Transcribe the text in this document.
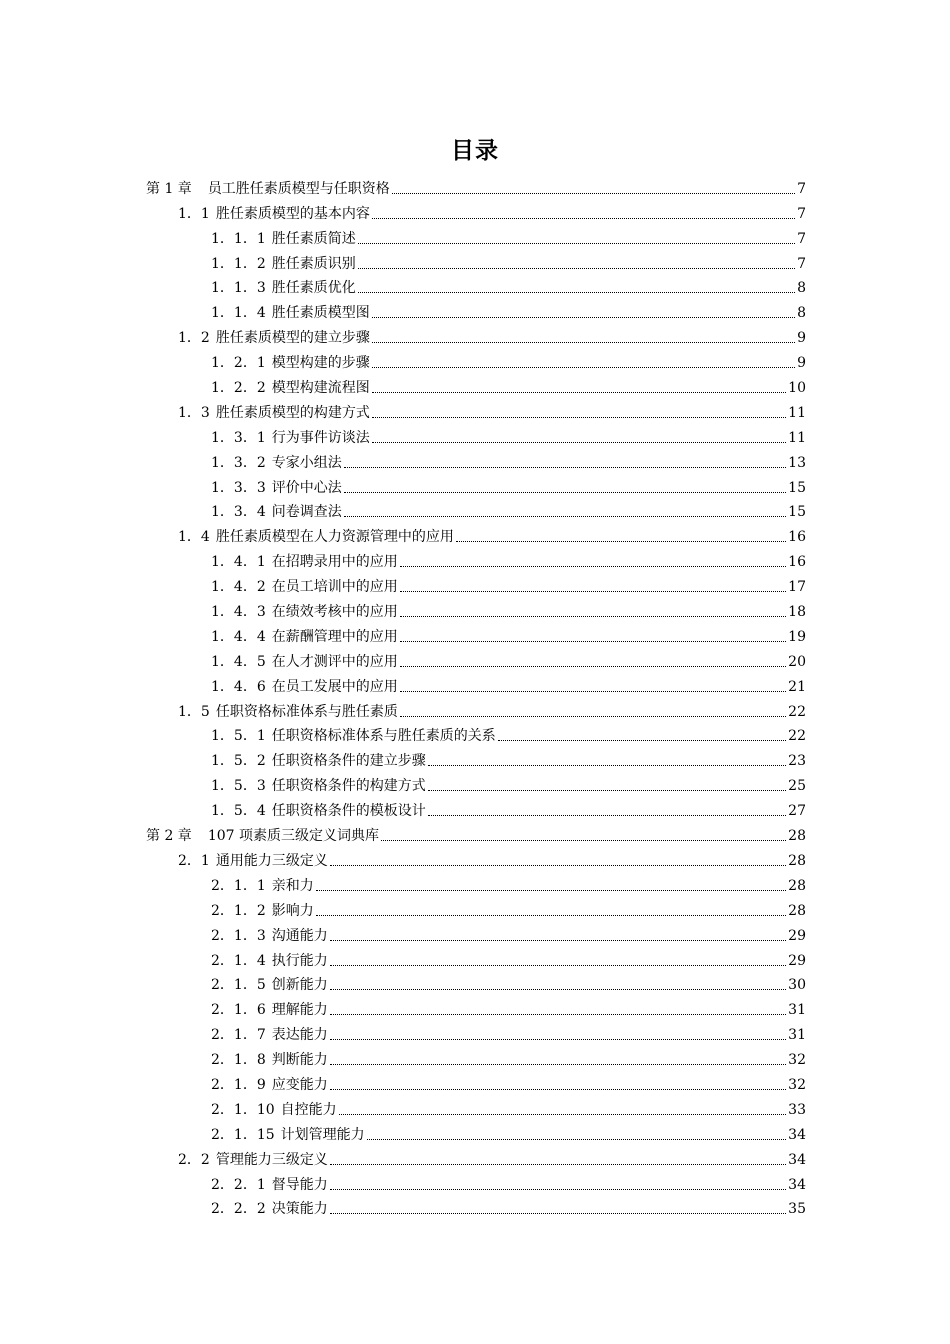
目录
第 1 章 员工胜任素质模型与任职资格	7
1．1 胜任素质模型的基本内容	7
1．1．1 胜任素质简述	7
1．1．2 胜任素质识别	7
1．1．3 胜任素质优化	8
1．1．4 胜任素质模型图	8
1．2 胜任素质模型的建立步骤	9
1．2．1 模型构建的步骤	9
1．2．2 模型构建流程图	10
1．3 胜任素质模型的构建方式	11
1．3．1 行为事件访谈法	11
1．3．2 专家小组法	13
1．3．3 评价中心法	15
1．3．4 问卷调查法	15
1．4 胜任素质模型在人力资源管理中的应用	16
1．4．1 在招聘录用中的应用	16
1．4．2 在员工培训中的应用	17
1．4．3 在绩效考核中的应用	18
1．4．4 在薪酬管理中的应用	19
1．4．5 在人才测评中的应用	20
1．4．6 在员工发展中的应用	21
1．5 任职资格标准体系与胜任素质	22
1．5．1 任职资格标准体系与胜任素质的关系	22
1．5．2 任职资格条件的建立步骤	23
1．5．3 任职资格条件的构建方式	25
1．5．4 任职资格条件的模板设计	27
第 2 章 107 项素质三级定义词典库	28
2．1 通用能力三级定义	28
2．1．1 亲和力	28
2．1．2 影响力	28
2．1．3 沟通能力	29
2．1．4 执行能力	29
2．1．5 创新能力	30
2．1．6 理解能力	31
2．1．7 表达能力	31
2．1．8 判断能力	32
2．1．9 应变能力	32
2．1．10 自控能力	33
2．1．15 计划管理能力	34
2．2 管理能力三级定义	34
2．2．1 督导能力	34
2．2．2 决策能力	35
